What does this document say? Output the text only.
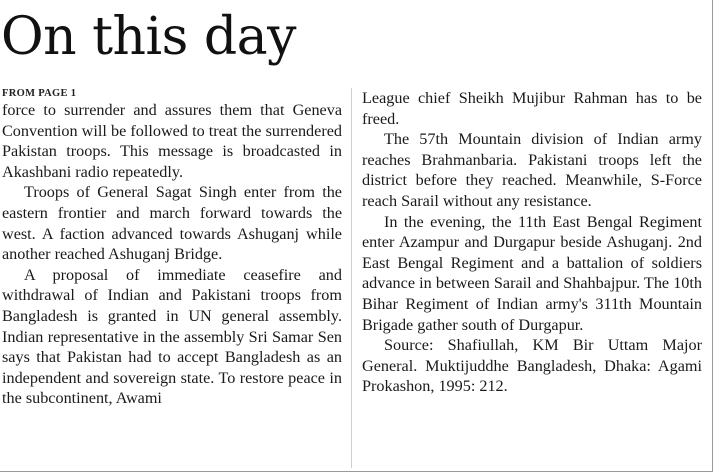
On this day
FROM PAGE 1

force to surrender and assures them that Geneva Convention will be followed to treat the surrendered Pakistan troops. This message is broadcasted in Akashbani radio repeatedly.

Troops of General Sagat Singh enter from the eastern frontier and march forward towards the west. A faction advanced towards Ashuganj while another reached Ashuganj Bridge.

A proposal of immediate ceasefire and withdrawal of Indian and Pakistani troops from Bangladesh is granted in UN general assembly. Indian representative in the assembly Sri Samar Sen says that Pakistan had to accept Bangladesh as an independent and sovereign state. To restore peace in the subcontinent, Awami

League chief Sheikh Mujibur Rahman has to be freed.

The 57th Mountain division of Indian army reaches Brahmanbaria. Pakistani troops left the district before they reached. Meanwhile, S-Force reach Sarail without any resistance.

In the evening, the 11th East Bengal Regiment enter Azampur and Durgapur beside Ashuganj. 2nd East Bengal Regiment and a battalion of soldiers advance in between Sarail and Shahbajpur. The 10th Bihar Regiment of Indian army's 311th Mountain Brigade gather south of Durgapur.

Source: Shafiullah, KM Bir Uttam Major General. Muktijuddhe Bangladesh, Dhaka: Agami Prokashon, 1995: 212.
